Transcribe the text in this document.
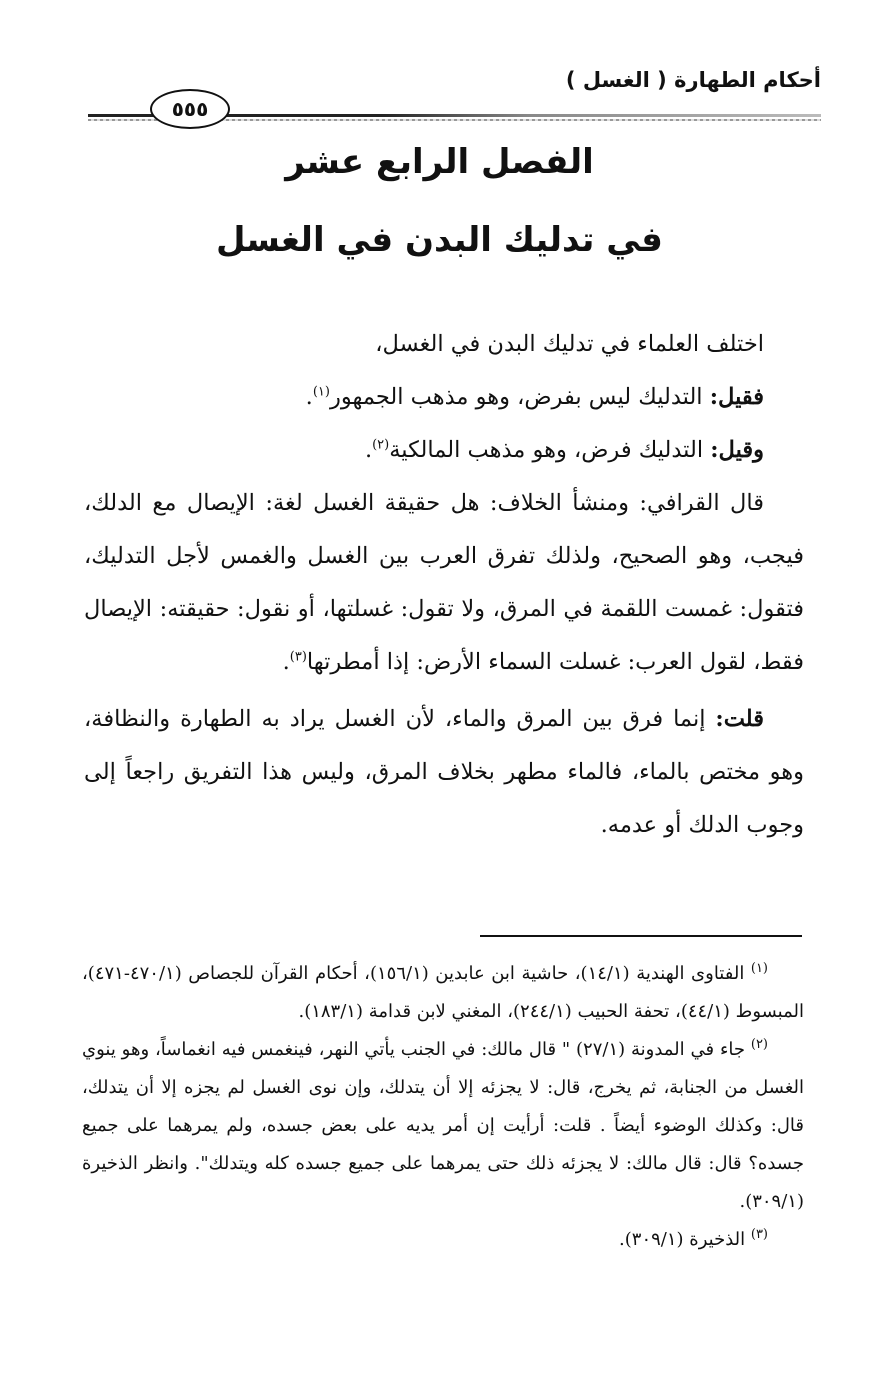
أحكام الطهارة ( الغسل )
٥٥٥
الفصل الرابع عشر
في تدليك البدن في الغسل

اختلف العلماء في تدليك البدن في الغسل،

فقيل: التدليك ليس بفرض، وهو مذهب الجمهور$^{(١)}$.

وقيل: التدليك فرض، وهو مذهب المالكية$^{(٢)}$.

قال القرافي: ومنشأ الخلاف: هل حقيقة الغسل لغة: الإيصال مع الدلك، فيجب، وهو الصحيح، ولذلك تفرق العرب بين الغسل والغمس لأجل التدليك، فتقول: غمست اللقمة في المرق، ولا تقول: غسلتها، أو نقول: حقيقته: الإيصال فقط، لقول العرب: غسلت السماء الأرض: إذا أمطرتها$^{(٣)}$.

قلت: إنما فرق بين المرق والماء، لأن الغسل يراد به الطهارة والنظافة، وهو مختص بالماء، فالماء مطهر بخلاف المرق، وليس هذا التفريق راجعاً إلى وجوب الدلك أو عدمه.

$^{(١)}$ الفتاوى الهندية (١٤/١)، حاشية ابن عابدين (١٥٦/١)، أحكام القرآن للجصاص (٤٧٠/١-٤٧١)، المبسوط (٤٤/١)، تحفة الحبيب (٢٤٤/١)، المغني لابن قدامة (١٨٣/١).

$^{(٢)}$ جاء في المدونة (٢٧/١) " قال مالك: في الجنب يأتي النهر، فينغمس فيه انغماساً، وهو ينوي الغسل من الجنابة، ثم يخرج، قال: لا يجزئه إلا أن يتدلك، وإن نوى الغسل لم يجزه إلا أن يتدلك، قال: وكذلك الوضوء أيضاً . قلت: أرأيت إن أمر يديه على بعض جسده، ولم يمرهما على جميع جسده؟ قال: قال مالك: لا يجزئه ذلك حتى يمرهما على جميع جسده كله ويتدلك". وانظر الذخيرة (٣٠٩/١).

$^{(٣)}$ الذخيرة (٣٠٩/١).
